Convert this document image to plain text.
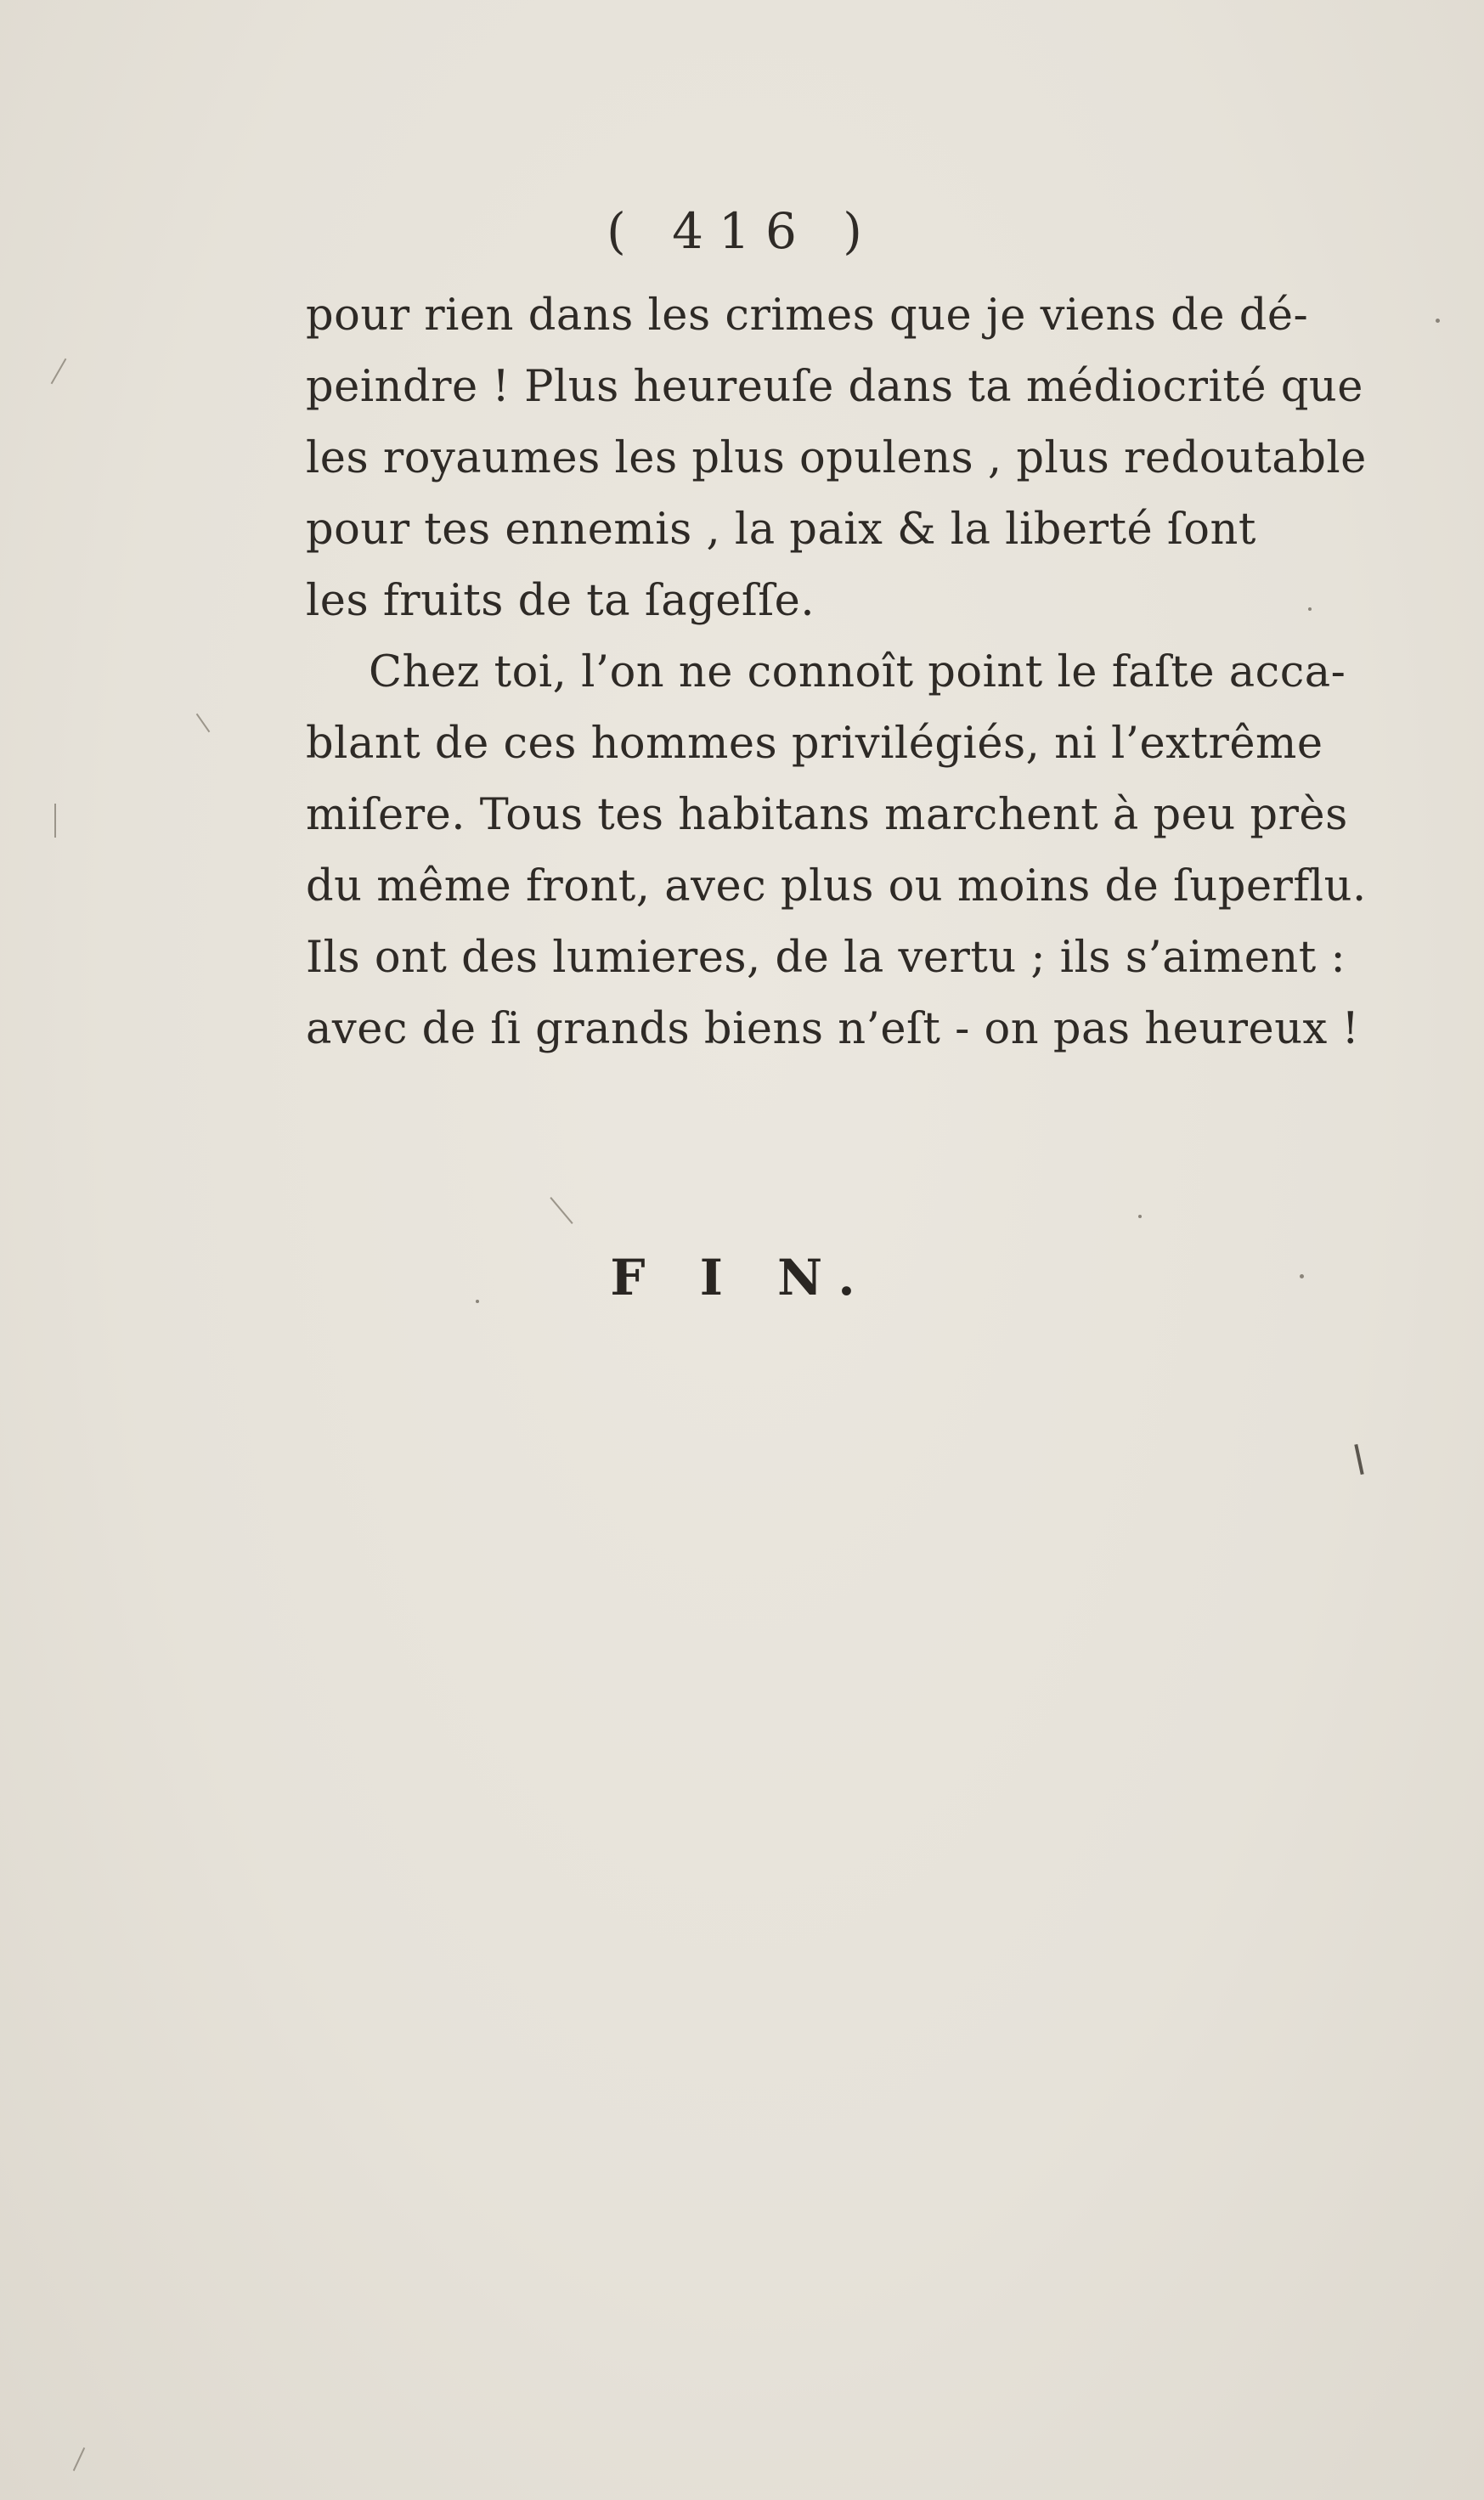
( 416 )
pour rien dans les crimes que je viens de dé-
peindre ! Plus heureuſe dans ta médiocrité que
les royaumes les plus opulens , plus redoutable
pour tes ennemis , la paix & la liberté ſont
les fruits de ta ſageſſe.
Chez toi, l’on ne connoît point le faſte acca-
blant de ces hommes privilégiés, ni l’extrême
miſere. Tous tes habitans marchent à peu près
du même front, avec plus ou moins de ſuperflu.
Ils ont des lumieres, de la vertu ; ils s’aiment :
avec de ſi grands biens n’eſt - on pas heureux !
F I N.
